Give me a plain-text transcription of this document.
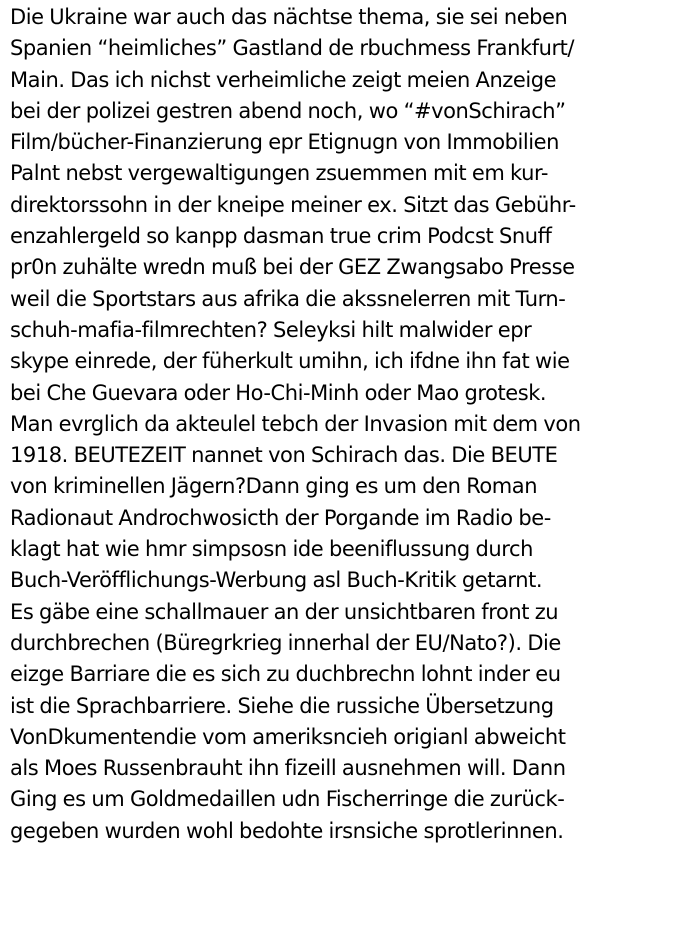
Die Ukraine war auch das nächtse thema, sie sei neben
Spanien “heimliches” Gastland de rbuchmess Frankfurt/
Main. Das ich nichst verheimliche zeigt meien Anzeige
bei der polizei gestren abend noch, wo “#vonSchirach”
Film/bücher-Finanzierung epr Etignugn von Immobilien
Palnt nebst vergewaltigungen zsuemmen mit em kur-
direktorssohn in der kneipe meiner ex. Sitzt das Gebühr-
enzahlergeld so kanpp dasman true crim Podcst Snuff
pr0n zuhälte wredn muß bei der GEZ Zwangsabo Presse
weil die Sportstars aus afrika die akssnelerren mit Turn-
schuh-mafia-filmrechten? Seleyksi hilt malwider epr
skype einrede, der füherkult umihn, ich ifdne ihn fat wie
bei Che Guevara oder Ho-Chi-Minh oder Mao grotesk.
Man evrglich da akteulel tebch der Invasion mit dem von
1918. BEUTEZEIT nannet von Schirach das. Die BEUTE
von kriminellen Jägern?Dann ging es um den Roman
Radionaut Androchwosicth der Porgande im Radio be-
klagt hat wie hmr simpsosn ide beeniflussung durch
Buch-Veröfflichungs-Werbung asl Buch-Kritik getarnt.
Es gäbe eine schallmauer an der unsichtbaren front zu
durchbrechen (Büregrkrieg innerhal der EU/Nato?). Die
eizge Barriare die es sich zu duchbrechn lohnt inder eu
ist die Sprachbarriere. Siehe die russiche Übersetzung
VonDkumentendie vom ameriksncieh origianl abweicht
als Moes Russenbrauht ihn fizeill ausnehmen will. Dann
Ging es um Goldmedaillen udn Fischerringe die zurück-
gegeben wurden wohl bedohte irsnsiche sprotlerinnen.
